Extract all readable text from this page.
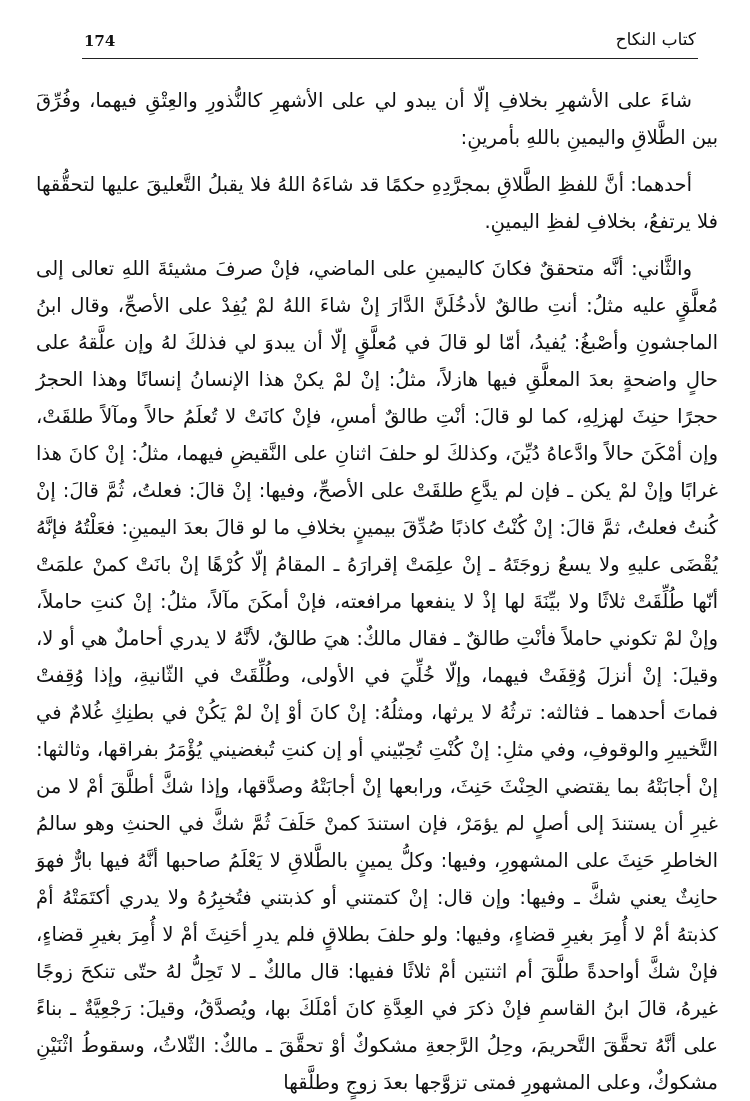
174	كتاب النكاح

شاءَ على الأشهرِ بخلافِ إلّا أن يبدو لي على الأشهرِ كالنُّذورِ والعِتْقِ فيهما، وفُرِّقَ بين الطَّلاقِ واليمينِ باللهِ بأمرينِ:

أحدهما: أنَّ للفظِ الطَّلاقِ بمجرَّدِهِ حكمًا قد شاءَهُ اللهُ فلا يقبلُ التَّعليقَ عليها لتحقُّقها فلا يرتفعُ، بخلافِ لفظِ اليمينِ.

والثَّاني: أنَّه متحققٌ فكانَ كاليمينِ على الماضي، فإنْ صرفَ مشيئةَ اللهِ تعالى إلى مُعلَّقٍ عليه مثلُ: أنتِ طالقٌ لأدخُلَنَّ الدَّارَ إنْ شاءَ اللهُ لمْ يُفِدْ على الأصحِّ، وقال ابنُ الماجشونِ وأصْبغُ: يُفيدُ، أمّا لو قالَ في مُعلَّقٍ إلّا أن يبدوَ لي فذلكَ لهُ وإن علَّقهُ على حالٍ واضحةٍ بعدَ المعلَّقِ فيها هازلاً، مثلُ: إنْ لمْ يكنْ هذا الإنسانُ إنسانًا وهذا الحجرُ حجرًا حنِثَ لهزلِهِ، كما لو قالَ: أنْتِ طالقٌ أمسِ، فإنْ كانَتْ لا تُعلَمُ حالاً ومآلاً طلقَتْ، وإن أمْكَنَ حالاً وادَّعاهُ دُيِّنَ، وكذلكَ لو حلفَ اثنانِ على النَّقيضِ فيهما، مثلُ: إنْ كانَ هذا غرابًا وإنْ لمْ يكن ـ فإن لم يدَّعِ طلقَتْ على الأصحِّ، وفيها: إنْ قالَ: فعلتُ، ثُمَّ قالَ: إنْ كُنتُ فعلتُ، ثمَّ قالَ: إنْ كُنْتُ كاذبًا صُدِّقَ بيمينٍ بخلافِ ما لو قالَ بعدَ اليمينِ: فعَلْتُهُ فإنَّهُ يُقْضَى عليهِ ولا يسعُ زوجَتَهُ ـ إنْ علِمَتْ إقرارَهُ ـ المقامُ إلّا كُرْهًا إنْ بانَتْ كمنْ علمَتْ أنّها طُلِّقَتْ ثلاثًا ولا بيِّنَةَ لها إذْ لا ينفعها مرافعته، فإنْ أمكَنَ مآلاً، مثلُ: إنْ كنتِ حاملاً، وإنْ لمْ تكوني حاملاً فأنْتِ طالقٌ ـ فقال مالكٌ: هيَ طالقٌ، لأنَّهُ لا يدري أحاملٌ هي أو لا، وقيلَ: إنْ أنزلَ وُقِفَتْ فيهما، وإلّا خُلِّيَ في الأولى، وطُلِّقَتْ في الثّانيةِ، وإذا وُقِفتْ فماتَ أحدهما ـ فثالثه: ترثُهُ لا يرثها، ومثلُهُ: إنْ كانَ أوْ إنْ لمْ يَكُنْ في بطنِكِ غُلامٌ في التَّخييرِ والوقوفِ، وفي مثلِ: إنْ كُنْتِ تُحِبّيني أو إن كنتِ تُبغضيني يُؤْمَرُ بفراقها، وثالثها: إنْ أجابَتْهُ بما يقتضي الحِنْثَ حَنِثَ، ورابعها إنْ أجابَتْهُ وصدَّقها، وإذا شكَّ أطلَّقَ أمْ لا من غيرِ أن يستندَ إلى أصلٍ لم يؤمَرْ، فإن استندَ كمنْ حَلَفَ ثُمَّ شكَّ في الحنثِ وهو سالمُ الخاطرِ حَنِثَ على المشهورِ، وفيها: وكلُّ يمينٍ بالطَّلاقِ لا يَعْلَمُ صاحبها أنَّهُ فيها بارٌّ فهوَ حانِثٌ يعني شكَّ ـ وفيها: وإن قال: إنْ كتمتني أو كذبتني فتُخبِرُهُ ولا يدري أكتَمَتْهُ أمْ كذبتهُ أمْ لا أُمِرَ بغيرِ قضاءٍ، وفيها: ولو حلفَ بطلاقٍ فلم يدرِ أحَنِثَ أمْ لا أُمِرَ بغيرِ قضاءٍ، فإنْ شكَّ أواحدةً طلَّقَ أم اثنتين أمْ ثلاثًا ففيها: قال مالكٌ ـ لا تَحِلُّ لهُ حتّى تنكحَ زوجًا غيرهُ، قالَ ابنُ القاسمِ فإنْ ذكرَ في العِدَّةِ كانَ أمْلَكَ بها، ويُصدَّقُ، وقيلَ: رَجْعِيَّةٌ ـ بناءً على أنَّهُ تحقَّقَ التَّحريمَ، وحِلُ الرَّجعةِ مشكوكٌ أوْ تحقَّقَ ـ مالكٌ: الثّلاثُ، وسقوطُ اثْنَيْنِ مشكوكٌ، وعلى المشهورِ فمتى تزوَّجها بعدَ زوجٍ وطلَّقها
